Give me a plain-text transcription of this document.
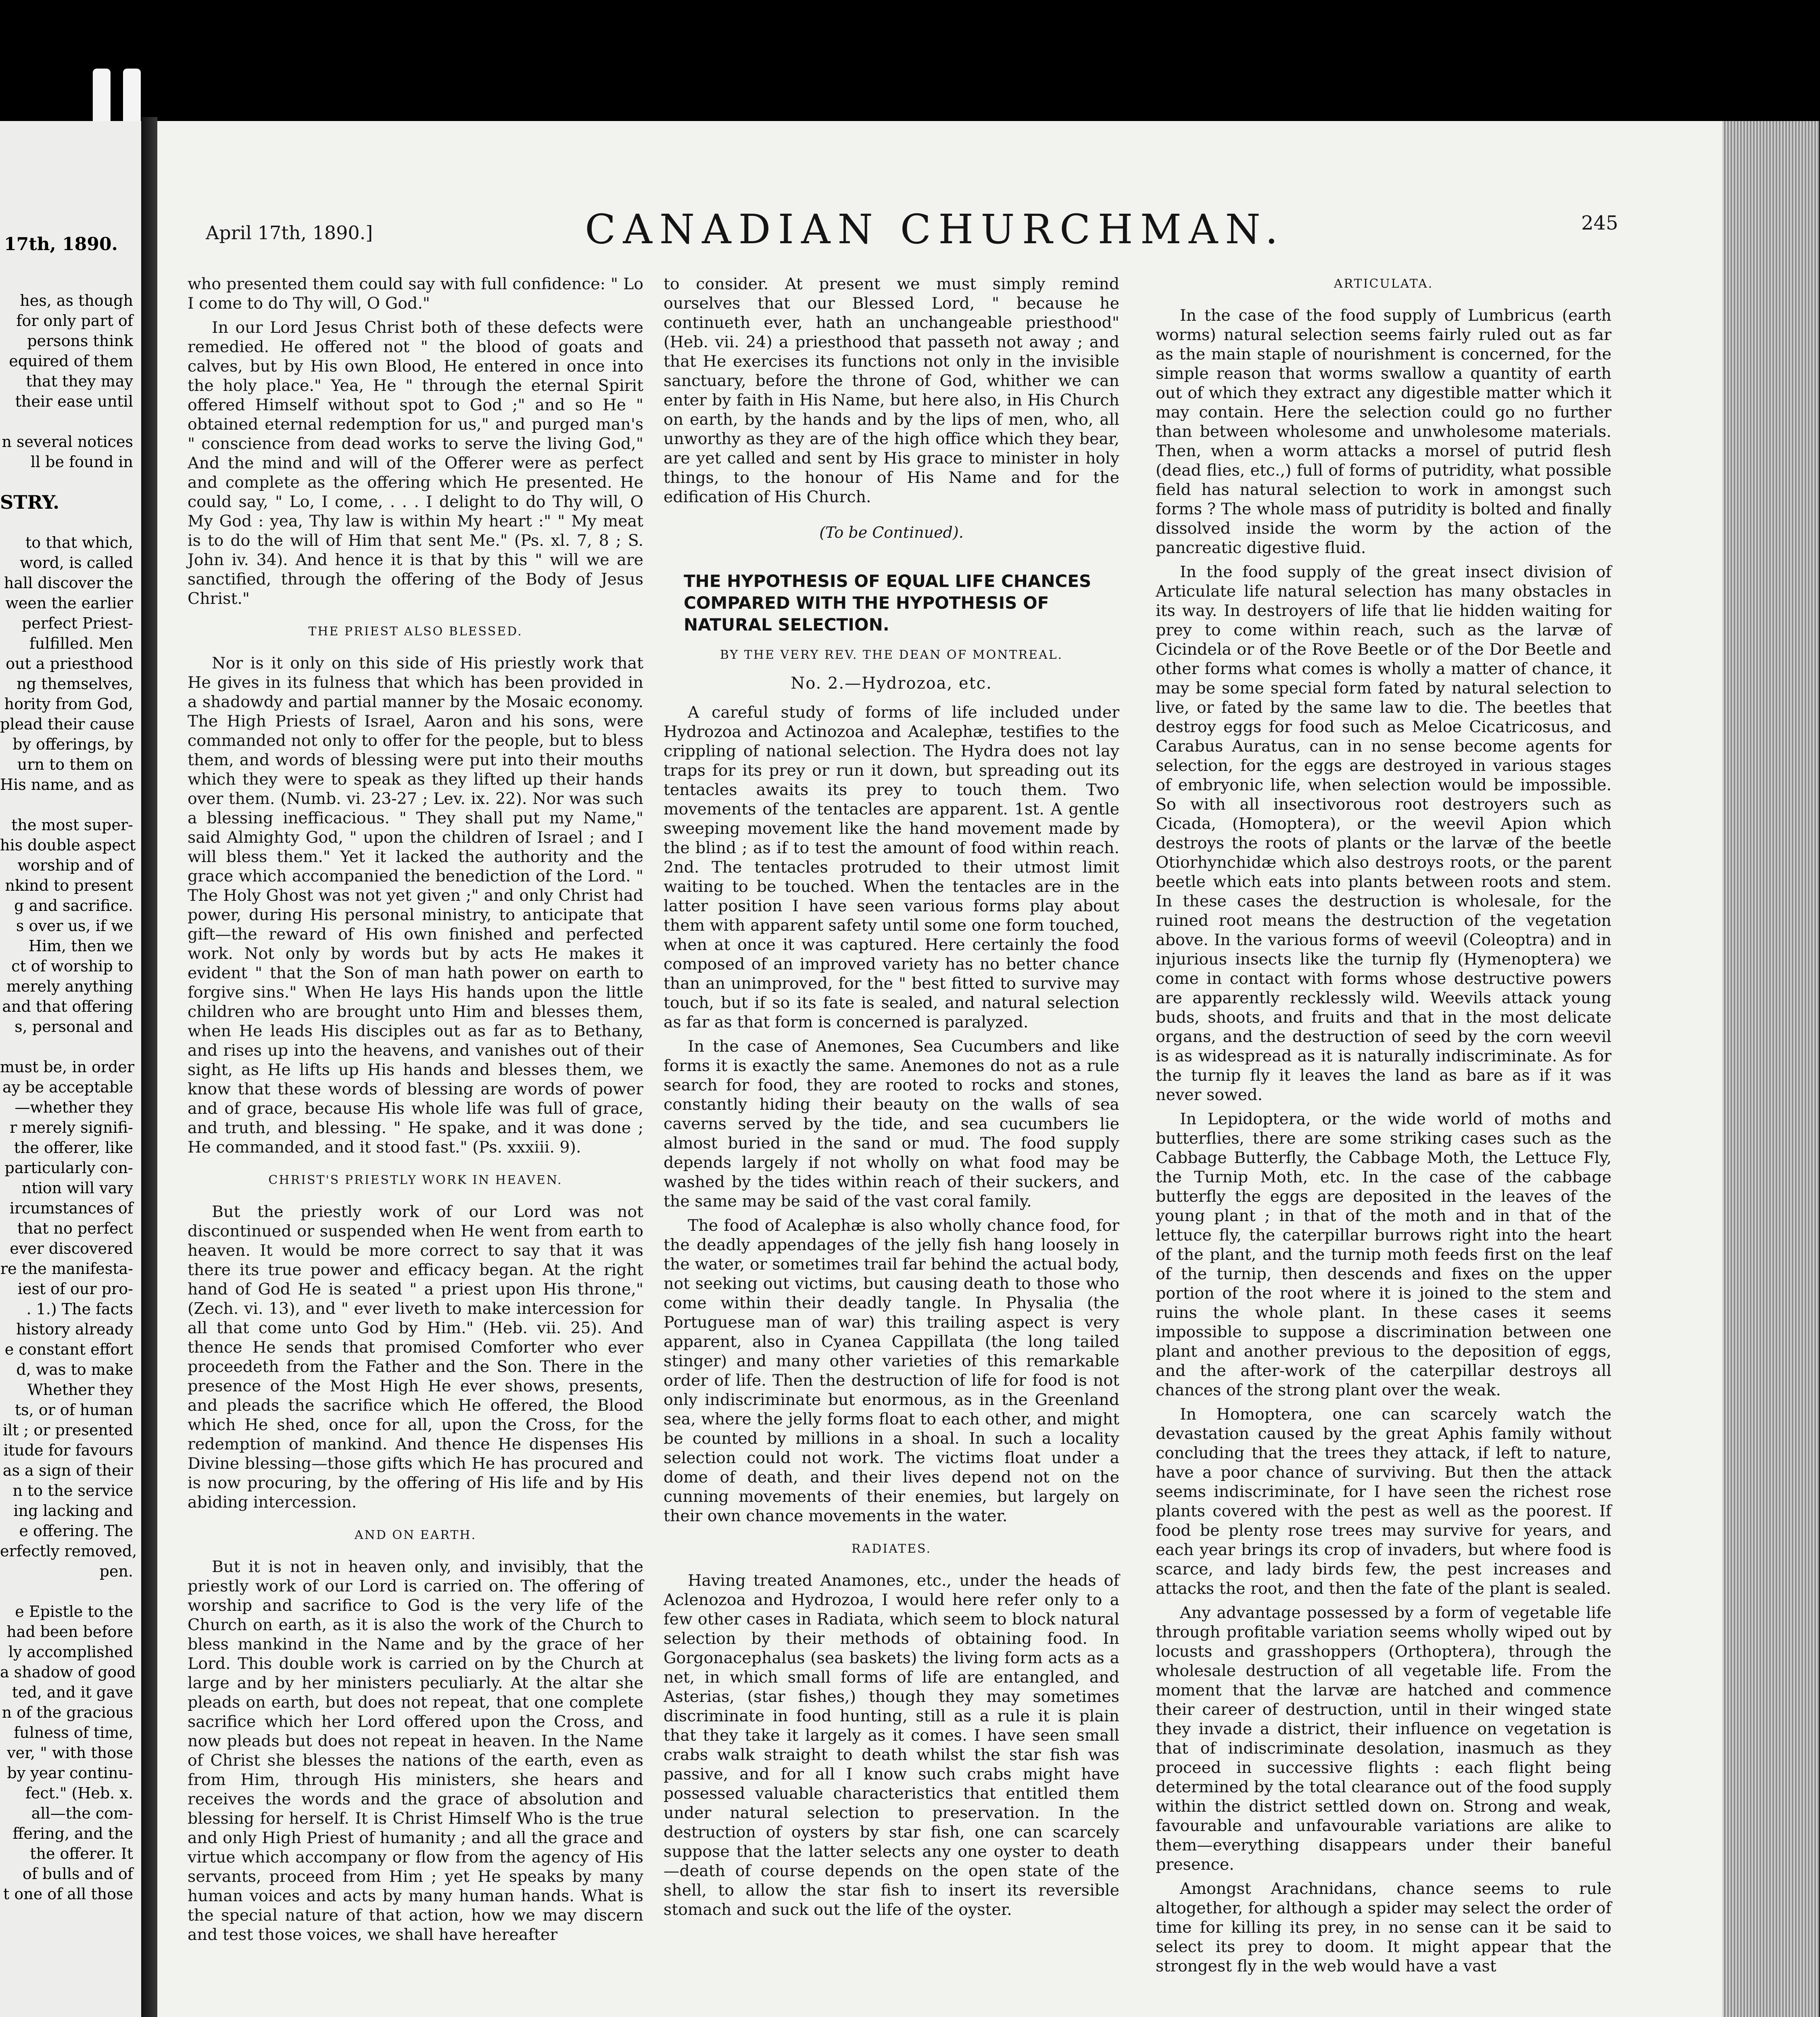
17th, 1890.

hes, as though

for only part of

persons think

equired of them

that they may

their ease until

n several notices

ll be found in

STRY.

to that which,

word, is called

hall discover the

ween the earlier

perfect Priest-

fulfilled. Men

out a priesthood

ng themselves,

hority from God,

plead their cause

by offerings, by

urn to them on

His name, and as

the most super-

his double aspect

worship and of

nkind to present

g and sacrifice.

s over us, if we

Him, then we

ct of worship to

merely anything

and that offering

s, personal and

must be, in order

ay be acceptable

—whether they

r merely signifi-

the offerer, like

particularly con-

ntion will vary

ircumstances of

that no perfect

ever discovered

re the manifesta-

iest of our pro-

. 1.) The facts

history already

e constant effort

d, was to make

Whether they

ts, or of human

ilt ; or presented

itude for favours

as a sign of their

n to the service

ing lacking and

e offering. The

erfectly removed,

pen.

e Epistle to the

had been before

ly accomplished

a shadow of good

ted, and it gave

n of the gracious

fulness of time,

ver, " with those

by year continu-

fect." (Heb. x.

all—the com-

ffering, and the

the offerer. It

of bulls and of

t one of all those

April 17th, 1890.]	CANADIAN CHURCHMAN.	245

who presented them could say with full confidence: " Lo I come to do Thy will, O God."

In our Lord Jesus Christ both of these defects were remedied. He offered not " the blood of goats and calves, but by His own Blood, He entered in once into the holy place." Yea, He " through the eternal Spirit offered Himself without spot to God ;" and so He " obtained eternal redemption for us," and purged man's " conscience from dead works to serve the living God," And the mind and will of the Offerer were as perfect and complete as the offering which He presented. He could say, " Lo, I come, . . . I delight to do Thy will, O My God : yea, Thy law is within My heart :" " My meat is to do the will of Him that sent Me." (Ps. xl. 7, 8 ; S. John iv. 34). And hence it is that by this " will we are sanctified, through the offering of the Body of Jesus Christ."

THE PRIEST ALSO BLESSED.

Nor is it only on this side of His priestly work that He gives in its fulness that which has been provided in a shadowdy and partial manner by the Mosaic economy. The High Priests of Israel, Aaron and his sons, were commanded not only to offer for the people, but to bless them, and words of blessing were put into their mouths which they were to speak as they lifted up their hands over them. (Numb. vi. 23-27 ; Lev. ix. 22). Nor was such a blessing inefficacious. " They shall put my Name," said Almighty God, " upon the children of Israel ; and I will bless them." Yet it lacked the authority and the grace which accompanied the benediction of the Lord. " The Holy Ghost was not yet given ;" and only Christ had power, during His personal ministry, to anticipate that gift—the reward of His own finished and perfected work. Not only by words but by acts He makes it evident " that the Son of man hath power on earth to forgive sins." When He lays His hands upon the little children who are brought unto Him and blesses them, when He leads His disciples out as far as to Bethany, and rises up into the heavens, and vanishes out of their sight, as He lifts up His hands and blesses them, we know that these words of blessing are words of power and of grace, because His whole life was full of grace, and truth, and blessing. " He spake, and it was done ; He commanded, and it stood fast." (Ps. xxxiii. 9).

CHRIST'S PRIESTLY WORK IN HEAVEN.

But the priestly work of our Lord was not discontinued or suspended when He went from earth to heaven. It would be more correct to say that it was there its true power and efficacy began. At the right hand of God He is seated " a priest upon His throne," (Zech. vi. 13), and " ever liveth to make intercession for all that come unto God by Him." (Heb. vii. 25). And thence He sends that promised Comforter who ever proceedeth from the Father and the Son. There in the presence of the Most High He ever shows, presents, and pleads the sacrifice which He offered, the Blood which He shed, once for all, upon the Cross, for the redemption of mankind. And thence He dispenses His Divine blessing—those gifts which He has procured and is now procuring, by the offering of His life and by His abiding intercession.

AND ON EARTH.

But it is not in heaven only, and invisibly, that the priestly work of our Lord is carried on. The offering of worship and sacrifice to God is the very life of the Church on earth, as it is also the work of the Church to bless mankind in the Name and by the grace of her Lord. This double work is carried on by the Church at large and by her ministers peculiarly. At the altar she pleads on earth, but does not repeat, that one complete sacrifice which her Lord offered upon the Cross, and now pleads but does not repeat in heaven. In the Name of Christ she blesses the nations of the earth, even as from Him, through His ministers, she hears and receives the words and the grace of absolution and blessing for herself. It is Christ Himself Who is the true and only High Priest of humanity ; and all the grace and virtue which accompany or flow from the agency of His servants, proceed from Him ; yet He speaks by many human voices and acts by many human hands. What is the special nature of that action, how we may discern and test those voices, we shall have hereafter

to consider. At present we must simply remind ourselves that our Blessed Lord, " because he continueth ever, hath an unchangeable priesthood" (Heb. vii. 24) a priesthood that passeth not away ; and that He exercises its functions not only in the invisible sanctuary, before the throne of God, whither we can enter by faith in His Name, but here also, in His Church on earth, by the hands and by the lips of men, who, all unworthy as they are of the high office which they bear, are yet called and sent by His grace to minister in holy things, to the honour of His Name and for the edification of His Church.

(To be Continued).
THE HYPOTHESIS OF EQUAL LIFE CHANCES COMPARED WITH THE HYPOTHESIS OF NATURAL SELECTION.
BY THE VERY REV. THE DEAN OF MONTREAL.
No. 2.—Hydrozoa, etc.

A careful study of forms of life included under Hydrozoa and Actinozoa and Acalephæ, testifies to the crippling of national selection. The Hydra does not lay traps for its prey or run it down, but spreading out its tentacles awaits its prey to touch them. Two movements of the tentacles are apparent. 1st. A gentle sweeping movement like the hand movement made by the blind ; as if to test the amount of food within reach. 2nd. The tentacles protruded to their utmost limit waiting to be touched. When the tentacles are in the latter position I have seen various forms play about them with apparent safety until some one form touched, when at once it was captured. Here certainly the food composed of an improved variety has no better chance than an unimproved, for the " best fitted to survive may touch, but if so its fate is sealed, and natural selection as far as that form is concerned is paralyzed.

In the case of Anemones, Sea Cucumbers and like forms it is exactly the same. Anemones do not as a rule search for food, they are rooted to rocks and stones, constantly hiding their beauty on the walls of sea caverns served by the tide, and sea cucumbers lie almost buried in the sand or mud. The food supply depends largely if not wholly on what food may be washed by the tides within reach of their suckers, and the same may be said of the vast coral family.

The food of Acalephæ is also wholly chance food, for the deadly appendages of the jelly fish hang loosely in the water, or sometimes trail far behind the actual body, not seeking out victims, but causing death to those who come within their deadly tangle. In Physalia (the Portuguese man of war) this trailing aspect is very apparent, also in Cyanea Cappillata (the long tailed stinger) and many other varieties of this remarkable order of life. Then the destruction of life for food is not only indiscriminate but enormous, as in the Greenland sea, where the jelly forms float to each other, and might be counted by millions in a shoal. In such a locality selection could not work. The victims float under a dome of death, and their lives depend not on the cunning movements of their enemies, but largely on their own chance movements in the water.

RADIATES.

Having treated Anamones, etc., under the heads of Aclenozoa and Hydrozoa, I would here refer only to a few other cases in Radiata, which seem to block natural selection by their methods of obtaining food. In Gorgonacephalus (sea baskets) the living form acts as a net, in which small forms of life are entangled, and Asterias, (star fishes,) though they may sometimes discriminate in food hunting, still as a rule it is plain that they take it largely as it comes. I have seen small crabs walk straight to death whilst the star fish was passive, and for all I know such crabs might have possessed valuable characteristics that entitled them under natural selection to preservation. In the destruction of oysters by star fish, one can scarcely suppose that the latter selects any one oyster to death—death of course depends on the open state of the shell, to allow the star fish to insert its reversible stomach and suck out the life of the oyster.

ARTICULATA.

In the case of the food supply of Lumbricus (earth worms) natural selection seems fairly ruled out as far as the main staple of nourishment is concerned, for the simple reason that worms swallow a quantity of earth out of which they extract any digestible matter which it may contain. Here the selection could go no further than between wholesome and unwholesome materials. Then, when a worm attacks a morsel of putrid flesh (dead flies, etc.,) full of forms of putridity, what possible field has natural selection to work in amongst such forms ? The whole mass of putridity is bolted and finally dissolved inside the worm by the action of the pancreatic digestive fluid.

In the food supply of the great insect division of Articulate life natural selection has many obstacles in its way. In destroyers of life that lie hidden waiting for prey to come within reach, such as the larvæ of Cicindela or of the Rove Beetle or of the Dor Beetle and other forms what comes is wholly a matter of chance, it may be some special form fated by natural selection to live, or fated by the same law to die. The beetles that destroy eggs for food such as Meloe Cicatricosus, and Carabus Auratus, can in no sense become agents for selection, for the eggs are destroyed in various stages of embryonic life, when selection would be impossible. So with all insectivorous root destroyers such as Cicada, (Homoptera), or the weevil Apion which destroys the roots of plants or the larvæ of the beetle Otiorhynchidæ which also destroys roots, or the parent beetle which eats into plants between roots and stem. In these cases the destruction is wholesale, for the ruined root means the destruction of the vegetation above. In the various forms of weevil (Coleoptra) and in injurious insects like the turnip fly (Hymenoptera) we come in contact with forms whose destructive powers are apparently recklessly wild. Weevils attack young buds, shoots, and fruits and that in the most delicate organs, and the destruction of seed by the corn weevil is as widespread as it is naturally indiscriminate. As for the turnip fly it leaves the land as bare as if it was never sowed.

In Lepidoptera, or the wide world of moths and butterflies, there are some striking cases such as the Cabbage Butterfly, the Cabbage Moth, the Lettuce Fly, the Turnip Moth, etc. In the case of the cabbage butterfly the eggs are deposited in the leaves of the young plant ; in that of the moth and in that of the lettuce fly, the caterpillar burrows right into the heart of the plant, and the turnip moth feeds first on the leaf of the turnip, then descends and fixes on the upper portion of the root where it is joined to the stem and ruins the whole plant. In these cases it seems impossible to suppose a discrimination between one plant and another previous to the deposition of eggs, and the after-work of the caterpillar destroys all chances of the strong plant over the weak.

In Homoptera, one can scarcely watch the devastation caused by the great Aphis family without concluding that the trees they attack, if left to nature, have a poor chance of surviving. But then the attack seems indiscriminate, for I have seen the richest rose plants covered with the pest as well as the poorest. If food be plenty rose trees may survive for years, and each year brings its crop of invaders, but where food is scarce, and lady birds few, the pest increases and attacks the root, and then the fate of the plant is sealed.

Any advantage possessed by a form of vegetable life through profitable variation seems wholly wiped out by locusts and grasshoppers (Orthoptera), through the wholesale destruction of all vegetable life. From the moment that the larvæ are hatched and commence their career of destruction, until in their winged state they invade a district, their influence on vegetation is that of indiscriminate desolation, inasmuch as they proceed in successive flights : each flight being determined by the total clearance out of the food supply within the district settled down on. Strong and weak, favourable and unfavourable variations are alike to them—everything disappears under their baneful presence.

Amongst Arachnidans, chance seems to rule altogether, for although a spider may select the order of time for killing its prey, in no sense can it be said to select its prey to doom. It might appear that the strongest fly in the web would have a vast
